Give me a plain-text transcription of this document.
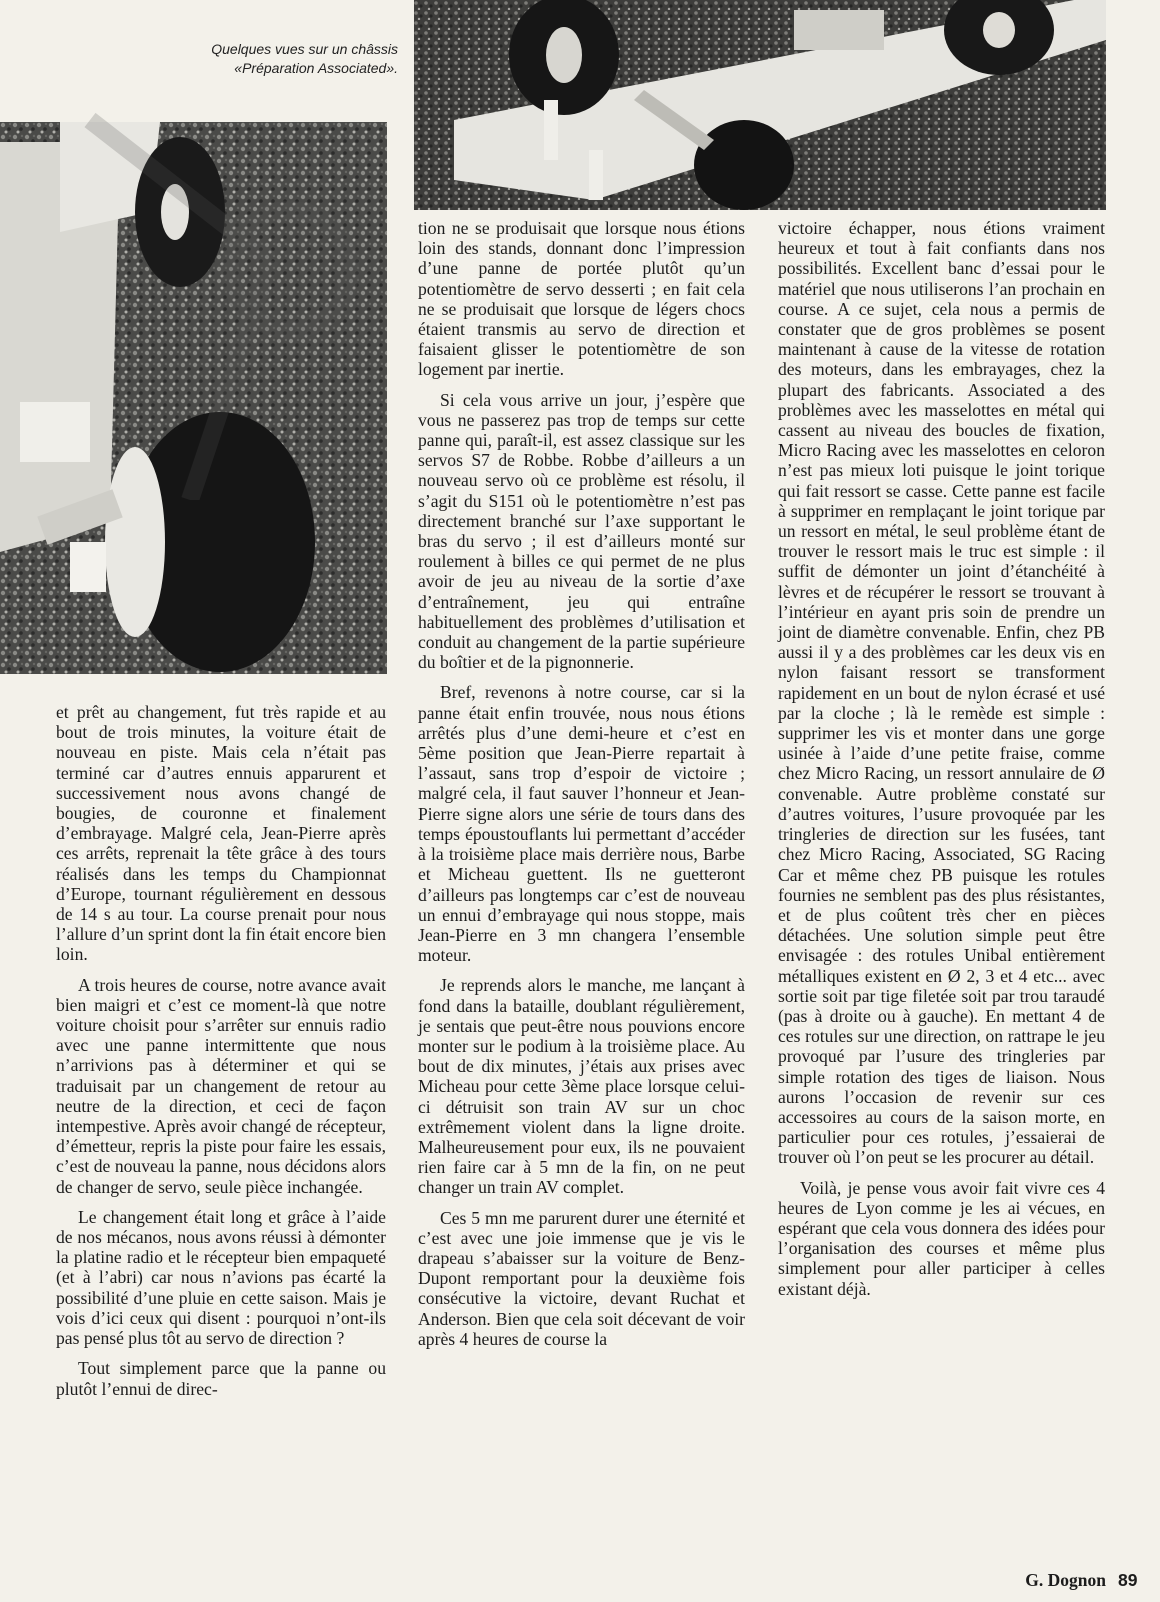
Quelques vues sur un châssis
«Préparation Associated».

et prêt au changement, fut très rapide et au bout de trois minutes, la voiture était de nouveau en piste. Mais cela n’était pas terminé car d’autres ennuis apparurent et successivement nous avons changé de bougies, de couronne et finalement d’embrayage. Malgré cela, Jean-Pierre après ces arrêts, reprenait la tête grâce à des tours réalisés dans les temps du Championnat d’Europe, tournant régulièrement en dessous de 14 s au tour. La course prenait pour nous l’allure d’un sprint dont la fin était encore bien loin.

A trois heures de course, notre avance avait bien maigri et c’est ce moment-là que notre voiture choisit pour s’arrêter sur ennuis radio avec une panne intermittente que nous n’arrivions pas à déterminer et qui se traduisait par un changement de retour au neutre de la direction, et ceci de façon intempestive. Après avoir changé de récepteur, d’émetteur, repris la piste pour faire les essais, c’est de nouveau la panne, nous décidons alors de changer de servo, seule pièce inchangée.

Le changement était long et grâce à l’aide de nos mécanos, nous avons réussi à démonter la platine radio et le récepteur bien empaqueté (et à l’abri) car nous n’avions pas écarté la possibilité d’une pluie en cette saison. Mais je vois d’ici ceux qui disent : pourquoi n’ont-ils pas pensé plus tôt au servo de direction ?

Tout simplement parce que la panne ou plutôt l’ennui de direc-

tion ne se produisait que lorsque nous étions loin des stands, donnant donc l’impression d’une panne de portée plutôt qu’un potentiomètre de servo desserti ; en fait cela ne se produisait que lorsque de légers chocs étaient transmis au servo de direction et faisaient glisser le potentiomètre de son logement par inertie.

Si cela vous arrive un jour, j’espère que vous ne passerez pas trop de temps sur cette panne qui, paraît-il, est assez classique sur les servos S7 de Robbe. Robbe d’ailleurs a un nouveau servo où ce problème est résolu, il s’agit du S151 où le potentiomètre n’est pas directement branché sur l’axe supportant le bras du servo ; il est d’ailleurs monté sur roulement à billes ce qui permet de ne plus avoir de jeu au niveau de la sortie d’axe d’entraînement, jeu qui entraîne habituellement des problèmes d’utilisation et conduit au changement de la partie supérieure du boîtier et de la pignonnerie.

Bref, revenons à notre course, car si la panne était enfin trouvée, nous nous étions arrêtés plus d’une demi-heure et c’est en 5ème position que Jean-Pierre repartait à l’assaut, sans trop d’espoir de victoire ; malgré cela, il faut sauver l’honneur et Jean-Pierre signe alors une série de tours dans des temps époustouflants lui permettant d’accéder à la troisième place mais derrière nous, Barbe et Micheau guettent. Ils ne guetteront d’ailleurs pas longtemps car c’est de nouveau un ennui d’embrayage qui nous stoppe, mais Jean-Pierre en 3 mn changera l’ensemble moteur.

Je reprends alors le manche, me lançant à fond dans la bataille, doublant régulièrement, je sentais que peut-être nous pouvions encore monter sur le podium à la troisième place. Au bout de dix minutes, j’étais aux prises avec Micheau pour cette 3ème place lorsque celui-ci détruisit son train AV sur un choc extrêmement violent dans la ligne droite. Malheureusement pour eux, ils ne pouvaient rien faire car à 5 mn de la fin, on ne peut changer un train AV complet.

Ces 5 mn me parurent durer une éternité et c’est avec une joie immense que je vis le drapeau s’abaisser sur la voiture de Benz-Dupont remportant pour la deuxième fois consécutive la victoire, devant Ruchat et Anderson. Bien que cela soit décevant de voir après 4 heures de course la

victoire échapper, nous étions vraiment heureux et tout à fait confiants dans nos possibilités. Excellent banc d’essai pour le matériel que nous utiliserons l’an prochain en course. A ce sujet, cela nous a permis de constater que de gros problèmes se posent maintenant à cause de la vitesse de rotation des moteurs, dans les embrayages, chez la plupart des fabricants. Associated a des problèmes avec les masselottes en métal qui cassent au niveau des boucles de fixation, Micro Racing avec les masselottes en celoron n’est pas mieux loti puisque le joint torique qui fait ressort se casse. Cette panne est facile à supprimer en remplaçant le joint torique par un ressort en métal, le seul problème étant de trouver le ressort mais le truc est simple : il suffit de démonter un joint d’étanchéité à lèvres et de récupérer le ressort se trouvant à l’intérieur en ayant pris soin de prendre un joint de diamètre convenable. Enfin, chez PB aussi il y a des problèmes car les deux vis en nylon faisant ressort se transforment rapidement en un bout de nylon écrasé et usé par la cloche ; là le remède est simple : supprimer les vis et monter dans une gorge usinée à l’aide d’une petite fraise, comme chez Micro Racing, un ressort annulaire de Ø convenable. Autre problème constaté sur d’autres voitures, l’usure provoquée par les tringleries de direction sur les fusées, tant chez Micro Racing, Associated, SG Racing Car et même chez PB puisque les rotules fournies ne semblent pas des plus résistantes, et de plus coûtent très cher en pièces détachées. Une solution simple peut être envisagée : des rotules Unibal entièrement métalliques existent en Ø 2, 3 et 4 etc... avec sortie soit par tige filetée soit par trou taraudé (pas à droite ou à gauche). En mettant 4 de ces rotules sur une direction, on rattrape le jeu provoqué par l’usure des tringleries par simple rotation des tiges de liaison. Nous aurons l’occasion de revenir sur ces accessoires au cours de la saison morte, en particulier pour ces rotules, j’essaierai de trouver où l’on peut se les procurer au détail.

Voilà, je pense vous avoir fait vivre ces 4 heures de Lyon comme je les ai vécues, en espérant que cela vous donnera des idées pour l’organisation des courses et même plus simplement pour aller participer à celles existant déjà.

G. Dognon 89
